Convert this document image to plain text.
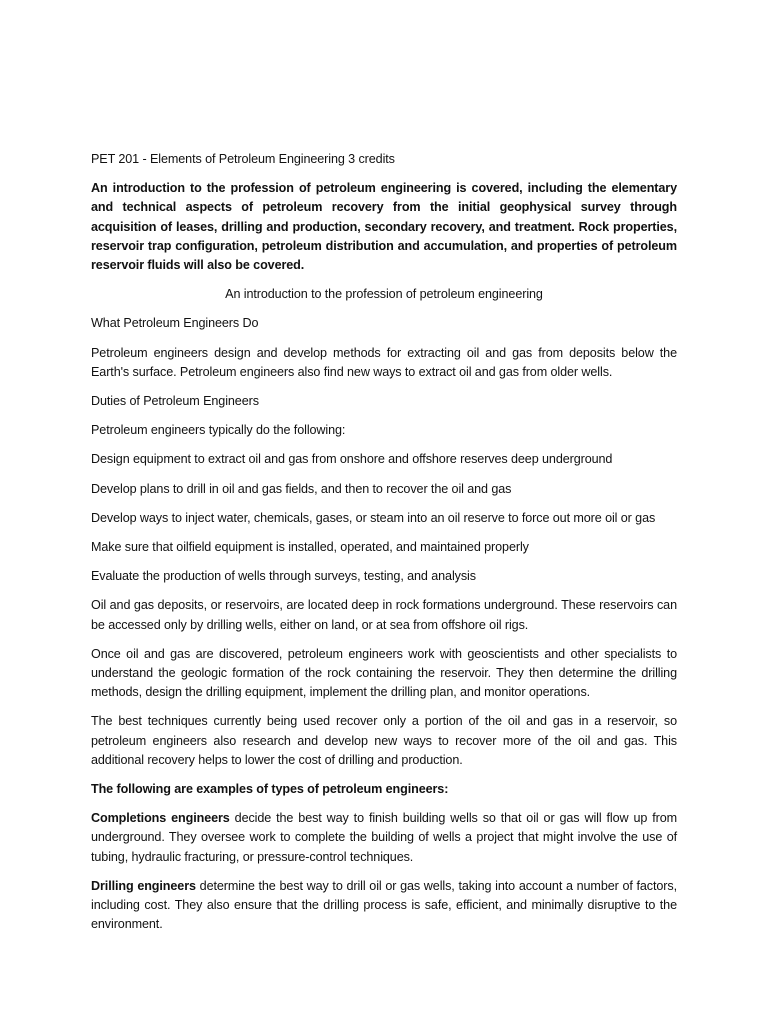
PET 201 - Elements of Petroleum Engineering 3 credits

An introduction to the profession of petroleum engineering is covered, including the elementary and technical aspects of petroleum recovery from the initial geophysical survey through acquisition of leases, drilling and production, secondary recovery, and treatment. Rock properties, reservoir trap configuration, petroleum distribution and accumulation, and properties of petroleum reservoir fluids will also be covered.

An introduction to the profession of petroleum engineering

What Petroleum Engineers Do

Petroleum engineers design and develop methods for extracting oil and gas from deposits below the Earth's surface. Petroleum engineers also find new ways to extract oil and gas from older wells.

Duties of Petroleum Engineers

Petroleum engineers typically do the following:

Design equipment to extract oil and gas from onshore and offshore reserves deep underground

Develop plans to drill in oil and gas fields, and then to recover the oil and gas

Develop ways to inject water, chemicals, gases, or steam into an oil reserve to force out more oil or gas

Make sure that oilfield equipment is installed, operated, and maintained properly

Evaluate the production of wells through surveys, testing, and analysis

Oil and gas deposits, or reservoirs, are located deep in rock formations underground. These reservoirs can be accessed only by drilling wells, either on land, or at sea from offshore oil rigs.

Once oil and gas are discovered, petroleum engineers work with geoscientists and other specialists to understand the geologic formation of the rock containing the reservoir. They then determine the drilling methods, design the drilling equipment, implement the drilling plan, and monitor operations.

The best techniques currently being used recover only a portion of the oil and gas in a reservoir, so petroleum engineers also research and develop new ways to recover more of the oil and gas. This additional recovery helps to lower the cost of drilling and production.

The following are examples of types of petroleum engineers:

Completions engineers decide the best way to finish building wells so that oil or gas will flow up from underground. They oversee work to complete the building of wells a project that might involve the use of tubing, hydraulic fracturing, or pressure-control techniques.

Drilling engineers determine the best way to drill oil or gas wells, taking into account a number of factors, including cost. They also ensure that the drilling process is safe, efficient, and minimally disruptive to the environment.
